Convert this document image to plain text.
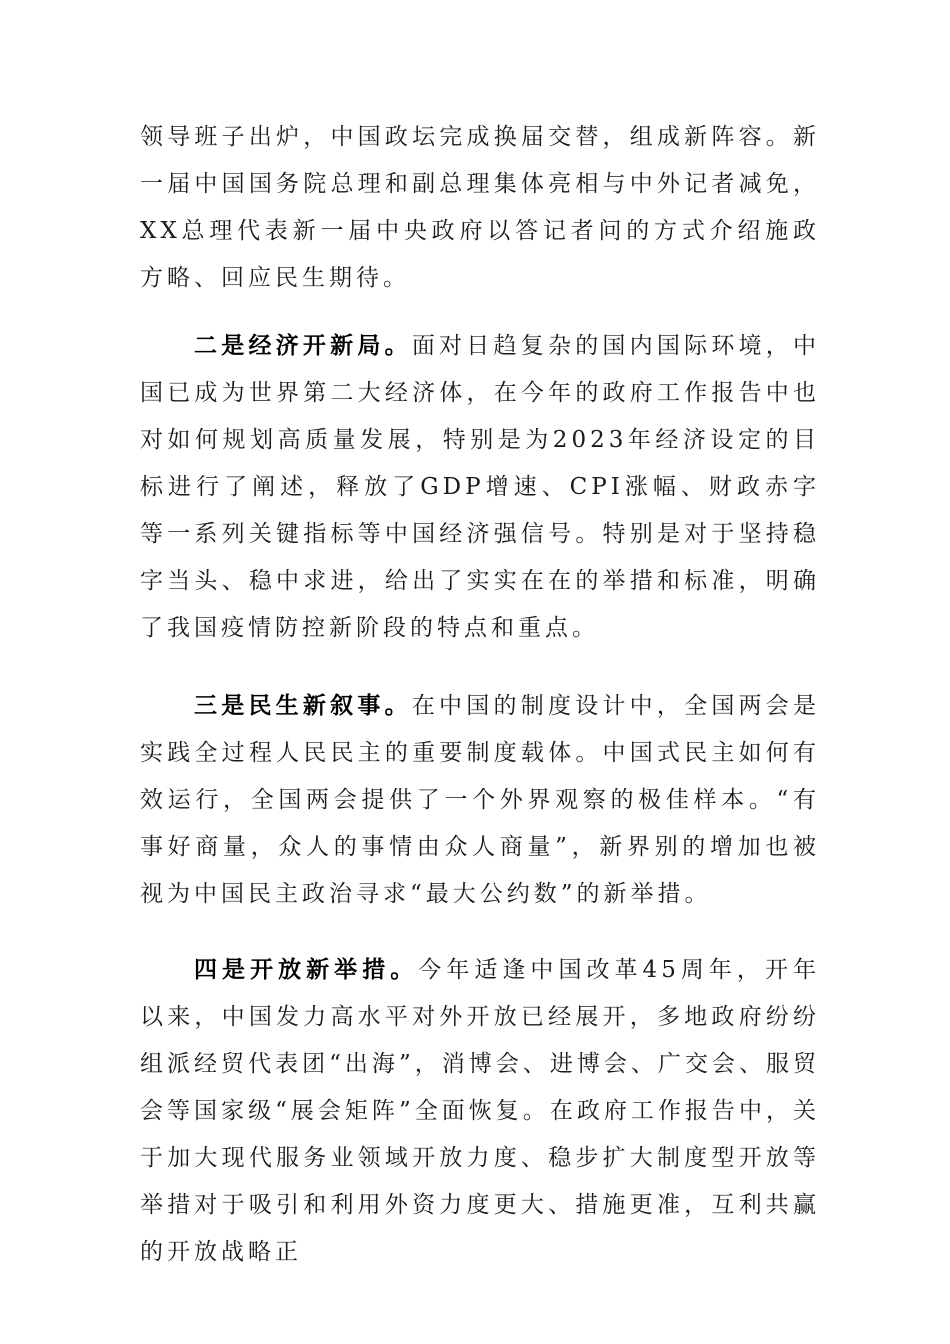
领导班子出炉，中国政坛完成换届交替，组成新阵容。新一届中国国务院总理和副总理集体亮相与中外记者减免，XX总理代表新一届中央政府以答记者问的方式介绍施政方略、回应民生期待。
二是经济开新局。面对日趋复杂的国内国际环境，中国已成为世界第二大经济体，在今年的政府工作报告中也对如何规划高质量发展，特别是为2023年经济设定的目标进行了阐述，释放了GDP增速、CPI涨幅、财政赤字等一系列关键指标等中国经济强信号。特别是对于坚持稳字当头、稳中求进，给出了实实在在的举措和标准，明确了我国疫情防控新阶段的特点和重点。
三是民生新叙事。在中国的制度设计中，全国两会是实践全过程人民民主的重要制度载体。中国式民主如何有效运行，全国两会提供了一个外界观察的极佳样本。“有事好商量，众人的事情由众人商量”，新界别的增加也被视为中国民主政治寻求“最大公约数”的新举措。
四是开放新举措。今年适逢中国改革45周年，开年以来，中国发力高水平对外开放已经展开，多地政府纷纷组派经贸代表团“出海”，消博会、进博会、广交会、服贸会等国家级“展会矩阵”全面恢复。在政府工作报告中，关于加大现代服务业领域开放力度、稳步扩大制度型开放等举措对于吸引和利用外资力度更大、措施更准，互利共赢的开放战略正
